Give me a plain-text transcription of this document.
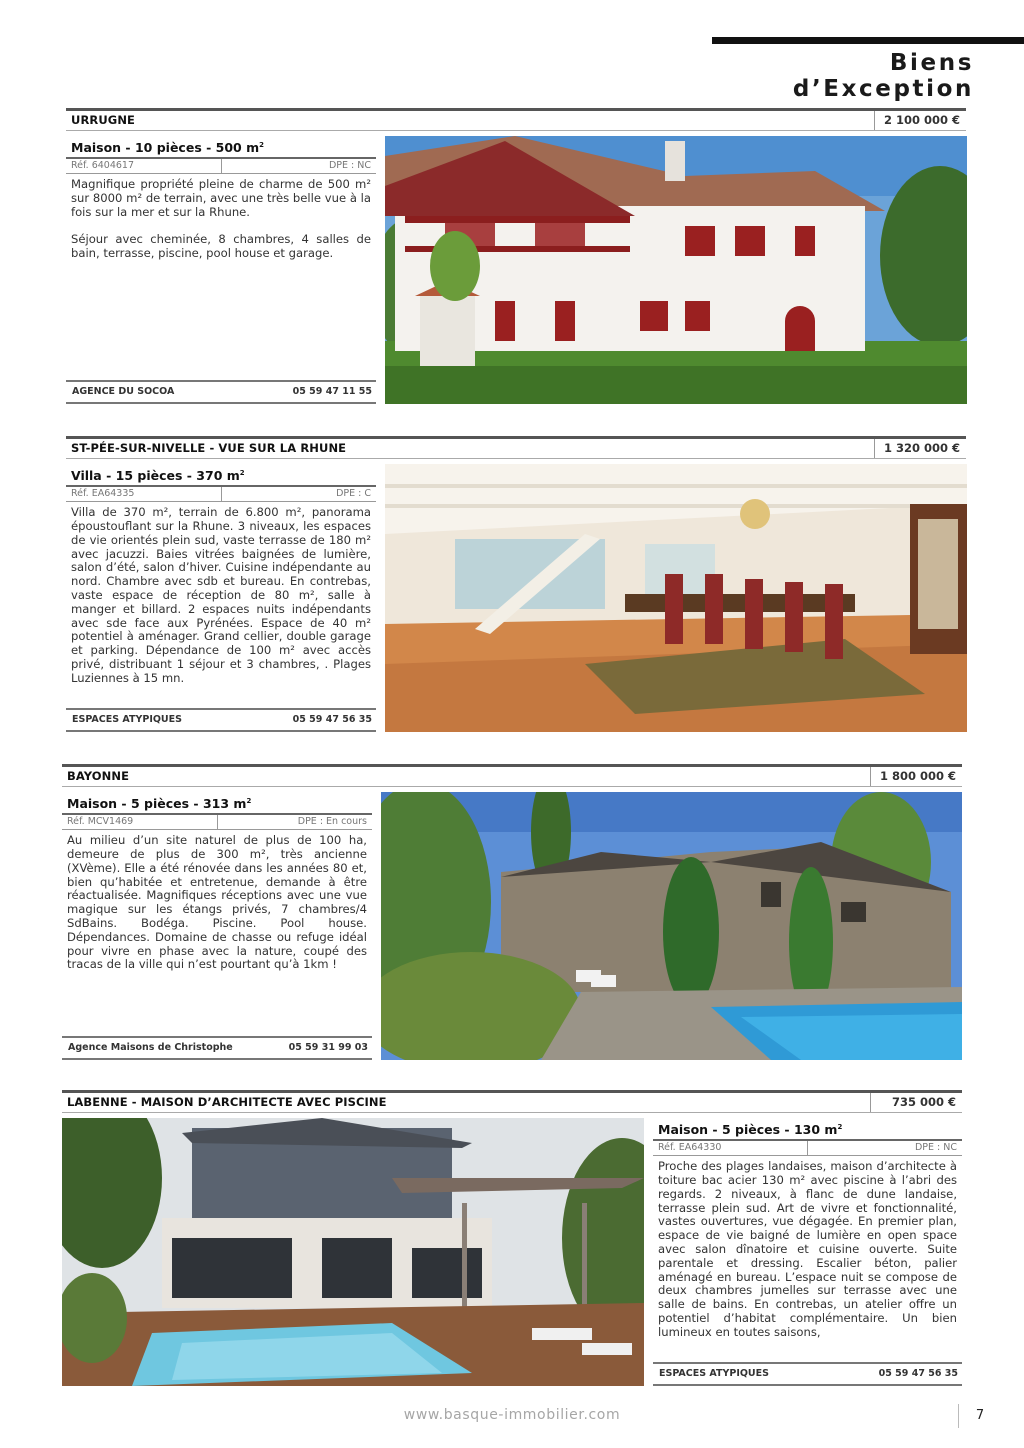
Biens d’Exception
URRUGNE	2 100 000 €
Maison - 10 pièces - 500 $m^2$
Réf. 6404617	DPE : NC
Magnifique propriété pleine de charme de 500 m² sur 8000 m² de terrain, avec une très belle vue à la fois sur la mer et sur la Rhune.

Séjour avec cheminée, 8 chambres, 4 salles de bain, terrasse, piscine, pool house et garage.
AGENCE DU SOCOA	05 59 47 11 55
ST-PÉE-SUR-NIVELLE - VUE SUR LA RHUNE	1 320 000 €
Villa - 15 pièces - 370 $m^2$
Réf. EA64335	DPE : C
Villa de 370 m², terrain de 6.800 m², panorama époustouflant sur la Rhune. 3 niveaux, les espaces de vie orientés plein sud, vaste terrasse de 180 m² avec jacuzzi. Baies vitrées baignées de lumière, salon d’été, salon d’hiver. Cuisine indépendante au nord. Chambre avec sdb et bureau. En contrebas, vaste espace de réception de 80 m², salle à manger et billard. 2 espaces nuits indépendants avec sde face aux Pyrénées. Espace de 40 m² potentiel à aménager. Grand cellier, double garage et parking. Dépendance de 100 m² avec accès privé, distribuant 1 séjour et 3 chambres, . Plages Luziennes à 15 mn.
ESPACES ATYPIQUES	05 59 47 56 35
BAYONNE	1 800 000 €
Maison - 5 pièces - 313 $m^2$
Réf. MCV1469	DPE : En cours
Au milieu d’un site naturel de plus de 100 ha, demeure de plus de 300 m², très ancienne (XVème). Elle a été rénovée dans les années 80 et, bien qu’habitée et entretenue, demande à être réactualisée. Magnifiques réceptions avec une vue magique sur les étangs privés, 7 chambres/4 SdBains. Bodéga. Piscine. Pool house. Dépendances. Domaine de chasse ou refuge idéal pour vivre en phase avec la nature, coupé des tracas de la ville qui n’est pourtant qu’à 1km !
Agence Maisons de Christophe	05 59 31 99 03
LABENNE - MAISON D’ARCHITECTE AVEC PISCINE	735 000 €
Maison - 5 pièces - 130 $m^2$
Réf. EA64330	DPE : NC
Proche des plages landaises, maison d’architecte à toiture bac acier 130 m² avec piscine à l’abri des regards. 2 niveaux, à flanc de dune landaise, terrasse plein sud. Art de vivre et fonctionnalité, vastes ouvertures, vue dégagée. En premier plan, espace de vie baigné de lumière en open space avec salon dînatoire et cuisine ouverte. Suite parentale et dressing. Escalier béton, palier aménagé en bureau. L’espace nuit se compose de deux chambres jumelles sur terrasse avec une salle de bains. En contrebas, un atelier offre un potentiel d’habitat complémentaire. Un bien lumineux en toutes saisons,
ESPACES ATYPIQUES	05 59 47 56 35
www.basque-immobilier.com	7
